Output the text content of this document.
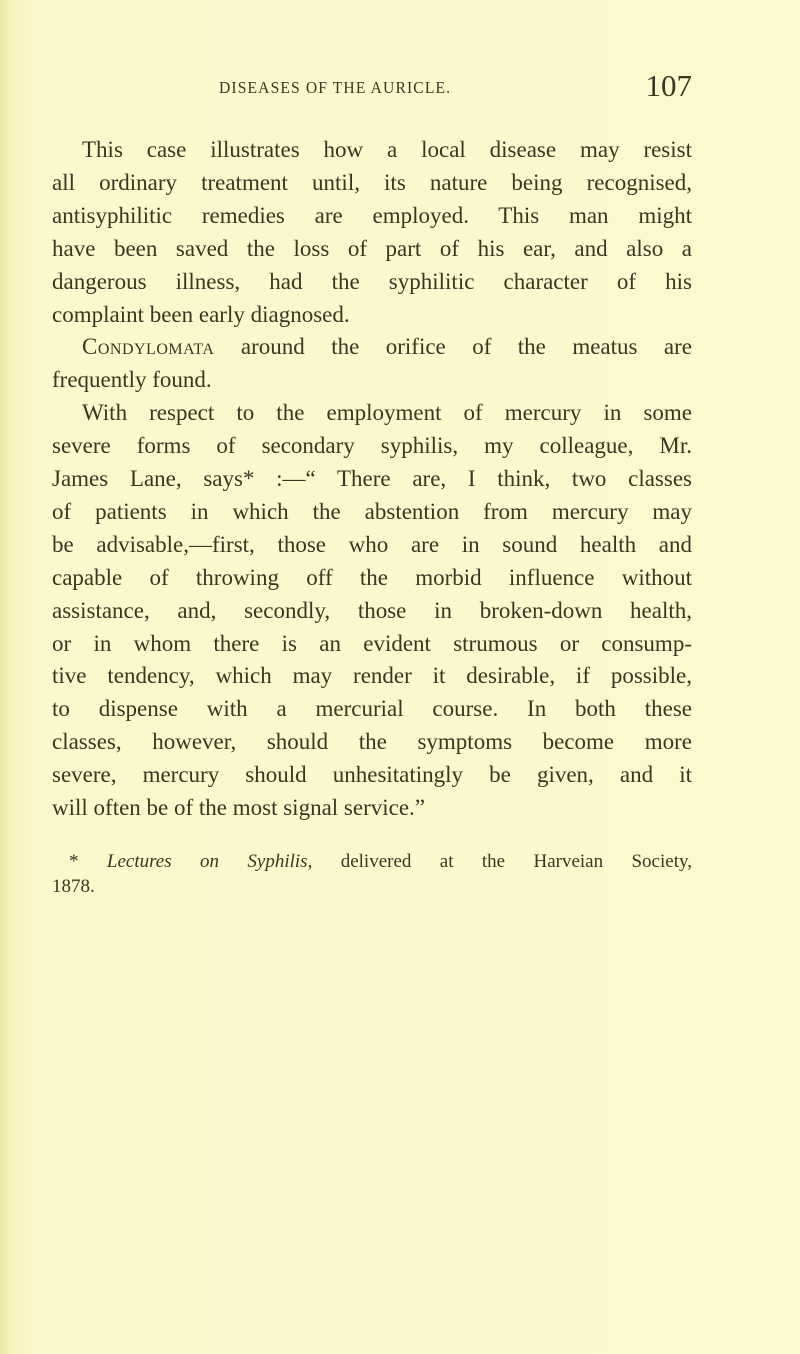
DISEASES OF THE AURICLE.	107
This case illustrates how a local disease may resist
all ordinary treatment until, its nature being recognised,
antisyphilitic remedies are employed. This man might
have been saved the loss of part of his ear, and also a
dangerous illness, had the syphilitic character of his
complaint been early diagnosed.
Condylomata around the orifice of the meatus are
frequently found.
With respect to the employment of mercury in some
severe forms of secondary syphilis, my colleague, Mr.
James Lane, says* :—“ There are, I think, two classes
of patients in which the abstention from mercury may
be advisable,—first, those who are in sound health and
capable of throwing off the morbid influence without
assistance, and, secondly, those in broken-down health,
or in whom there is an evident strumous or consump-
tive tendency, which may render it desirable, if possible,
to dispense with a mercurial course. In both these
classes, however, should the symptoms become more
severe, mercury should unhesitatingly be given, and it
will often be of the most signal service.”
* Lectures on Syphilis, delivered at the Harveian Society,
1878.
